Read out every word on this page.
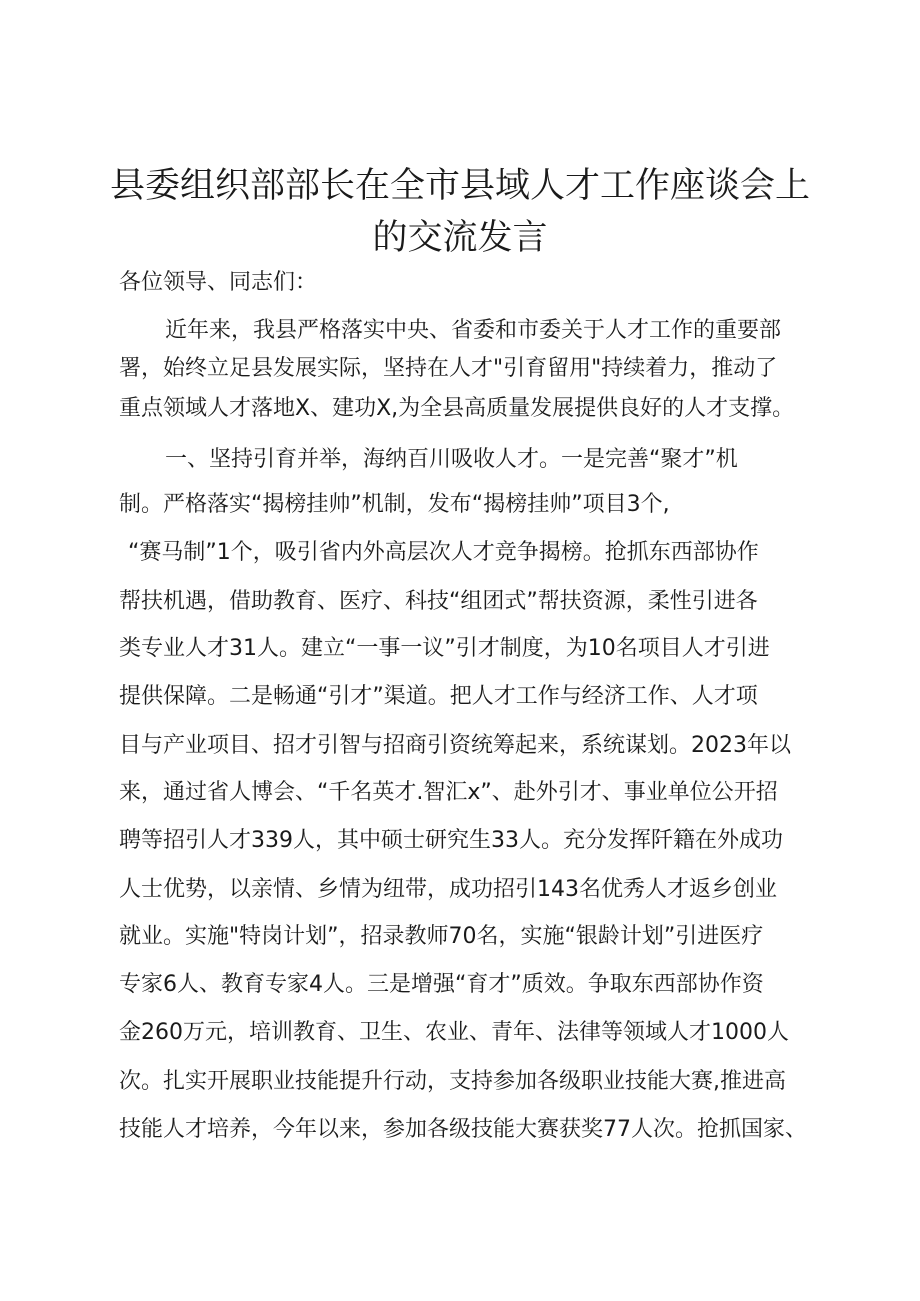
县委组织部部长在全市县域人才工作座谈会上
的交流发言

各位领导、同志们：

近年来，我县严格落实中央、省委和市委关于人才工作的重要部

署，始终立足县发展实际，坚持在人才"引育留用"持续着力，推动了

重点领域人才落地X、建功X,为全县高质量发展提供良好的人才支撑。

一、坚持引育并举，海纳百川吸收人才。一是完善“聚才”机

制。严格落实“揭榜挂帅”机制，发布“揭榜挂帅”项目3个,

“赛马制”1个，吸引省内外高层次人才竞争揭榜。抢抓东西部协作

帮扶机遇，借助教育、医疗、科技“组团式”帮扶资源，柔性引进各

类专业人才31人。建立“一事一议”引才制度，为10名项目人才引进

提供保障。二是畅通“引才”渠道。把人才工作与经济工作、人才项

目与产业项目、招才引智与招商引资统筹起来，系统谋划。2023年以

来，通过省人博会、“千名英才.智汇x”、赴外引才、事业单位公开招

聘等招引人才339人，其中硕士研究生33人。充分发挥阡籍在外成功

人士优势，以亲情、乡情为纽带，成功招引143名优秀人才返乡创业

就业。实施"特岗计划”，招录教师70名，实施“银龄计划”引进医疗

专家6人、教育专家4人。三是增强“育才”质效。争取东西部协作资

金260万元，培训教育、卫生、农业、青年、法律等领域人才1000人

次。扎实开展职业技能提升行动，支持参加各级职业技能大赛,推进高

技能人才培养，今年以来，参加各级技能大赛获奖77人次。抢抓国家、
